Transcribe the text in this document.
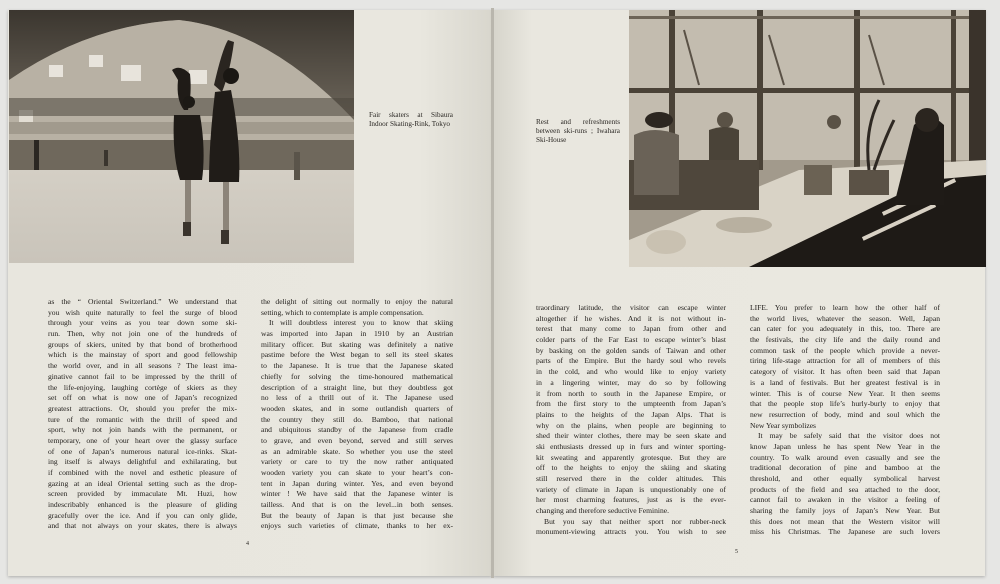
Fair skaters at Sibaura Indoor Skating-Rink, Tokyo	Rest and refreshments between ski-runs ; Iwahara Ski-House
as the “ Oriental Switzerland.” We understand that
you wish quite naturally to feel the surge of blood
through your veins as you tear down some ski-
run. Then, why not join one of the hundreds of
groups of skiers, united by that bond of brotherhood
which is the mainstay of sport and good fellowship
the world over, and in all seasons ? The least ima-
ginative cannot fail to be impressed by the thrill of
the life-enjoying, laughing cortège of skiers as they
set off on what is now one of Japan’s recognized
greatest attractions. Or, should you prefer the mix-
ture of the romantic with the thrill of speed and
sport, why not join hands with the permanent, or
temporary, one of your heart over the glassy surface
of one of Japan’s numerous natural ice-rinks. Skat-
ing itself is always delightful and exhilarating, but
if combined with the novel and esthetic pleasure of
gazing at an ideal Oriental setting such as the drop-
screen provided by immaculate Mt. Huzi, how
indescribably enhanced is the pleasure of gliding
gracefully over the ice. And if you can only glide,
and that not always on your skates, there is always
the delight of sitting out normally to enjoy the natural
setting, which to contemplate is ample compensation.
It will doubtless interest you to know that skiing
was imported into Japan in 1910 by an Austrian
military officer. But skating was definitely a native
pastime before the West began to sell its steel skates
to the Japanese. It is true that the Japanese skated
chiefly for solving the time-honoured mathematical
description of a straight line, but they doubtless got
no less of a thrill out of it. The Japanese used
wooden skates, and in some outlandish quarters of
the country they still do. Bamboo, that national
and ubiquitous standby of the Japanese from cradle
to grave, and even beyond, served and still serves
as an admirable skate. So whether you use the steel
variety or care to try the now rather antiquated
wooden variety you can skate to your heart’s con-
tent in Japan during winter. Yes, and even beyond
winter ! We have said that the Japanese winter is
tailless. And that is on the level...in both senses.
But the beauty of Japan is that just because she
enjoys such varieties of climate, thanks to her ex-
traordinary latitude, the visitor can escape winter
altogether if he wishes. And it is not without in-
terest that many come to Japan from other and
colder parts of the Far East to escape winter’s blast
by basking on the golden sands of Taiwan and other
parts of the Empire. But the hardy soul who revels
in the cold, and who would like to enjoy variety
in a lingering winter, may do so by following
it from north to south in the Japanese Empire, or
from the first story to the umpteenth from Japan’s
plains to the heights of the Japan Alps. That is
why on the plains, when people are beginning to
shed their winter clothes, there may be seen skate and
ski enthusiasts dressed up in furs and winter sporting-
kit sweating and apparently grotesque. But they are
off to the heights to enjoy the skiing and skating
still reserved there in the colder altitudes. This
variety of climate in Japan is unquestionably one of
her most charming features, just as is the ever-
changing and therefore seductive Feminine.
But you say that neither sport nor rubber-neck
monument-viewing attracts you. You wish to see
LIFE. You prefer to learn how the other half of
the world lives, whatever the season. Well, Japan
can cater for you adequately in this, too. There are
the festivals, the city life and the daily round and
common task of the people which provide a never-
tiring life-stage attraction for all of members of this
category of visitor. It has often been said that Japan
is a land of festivals. But her greatest festival is in
winter. This is of course New Year. It then seems
that the people stop life’s hurly-burly to enjoy that
new resurrection of body, mind and soul which the
New Year symbolizes
It may be safely said that the visitor does not
know Japan unless he has spent New Year in the
country. To walk around even casually and see the
traditional decoration of pine and bamboo at the
threshold, and other equally symbolical harvest
products of the field and sea attached to the door,
cannot fail to awaken in the visitor a feeling of
sharing the family joys of Japan’s New Year. But
this does not mean that the Western visitor will
miss his Christmas. The Japanese are such lovers
4
5
